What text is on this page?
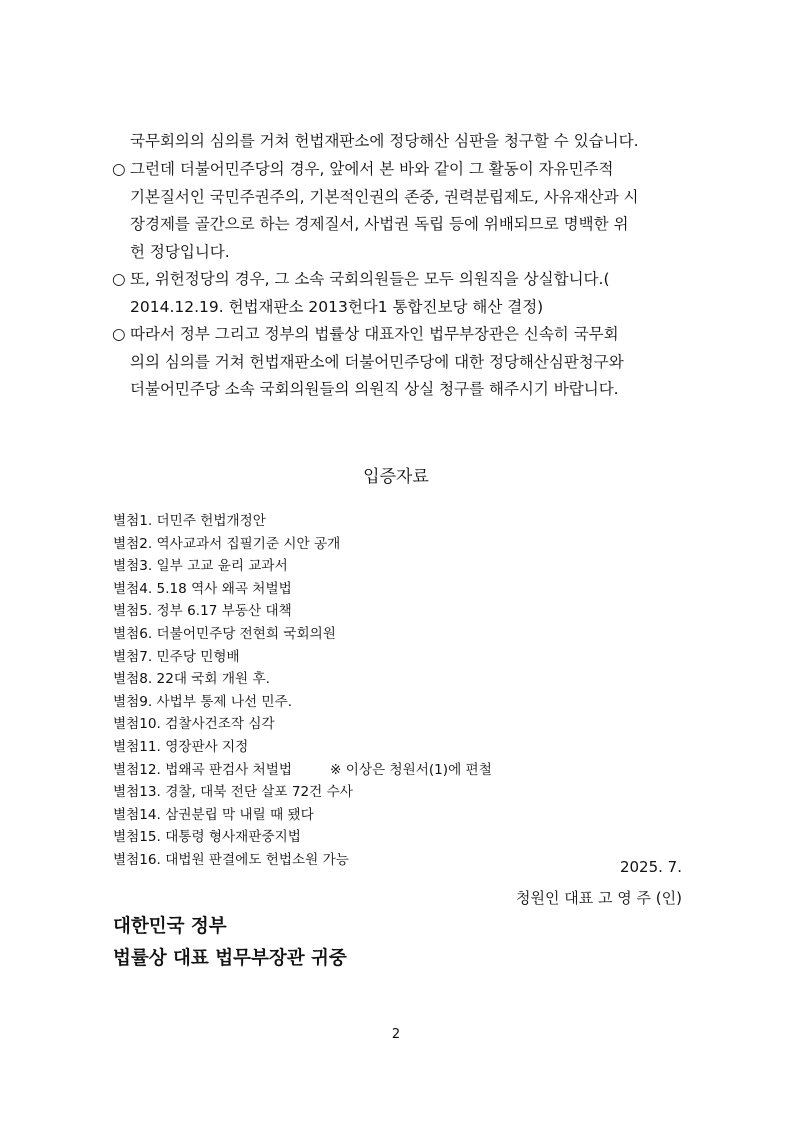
국무회의의 심의를 거쳐 헌법재판소에 정당해산 심판을 청구할 수 있습니다.
○ 그런데 더불어민주당의 경우, 앞에서 본 바와 같이 그 활동이 자유민주적
기본질서인 국민주권주의, 기본적인권의 존중, 권력분립제도, 사유재산과 시
장경제를 골간으로 하는 경제질서, 사법권 독립 등에 위배되므로 명백한 위
헌 정당입니다.
○ 또, 위헌정당의 경우, 그 소속 국회의원들은 모두 의원직을 상실합니다.(
2014.12.19. 헌법재판소 2013헌다1 통합진보당 해산 결정)
○ 따라서 정부 그리고 정부의 법률상 대표자인 법무부장관은 신속히 국무회
의의 심의를 거쳐 헌법재판소에 더불어민주당에 대한 정당해산심판청구와
더불어민주당 소속 국회의원들의 의원직 상실 청구를 해주시기 바랍니다.
입증자료
별첨1. 더민주 헌법개정안
별첨2. 역사교과서 집필기준 시안 공개
별첨3. 일부 고교 윤리 교과서
별첨4. 5.18 역사 왜곡 처벌법
별첨5. 정부 6.17 부동산 대책
별첨6. 더불어민주당 전현희 국회의원
별첨7. 민주당 민형배
별첨8. 22대 국회 개원 후.
별첨9. 사법부 통제 나선 민주.
별첨10. 검찰사건조작 심각
별첨11. 영장판사 지정
별첨12. 법왜곡 판검사 처벌법	※ 이상은 청원서(1)에 편철
별첨13. 경찰, 대북 전단 살포 72건 수사
별첨14. 삼권분립 막 내릴 때 됐다
별첨15. 대통령 형사재판중지법
별첨16. 대법원 판결에도 헌법소원 가능	2025. 7.
청원인 대표 고 영 주 (인)
대한민국 정부
법률상 대표 법무부장관 귀중
2
